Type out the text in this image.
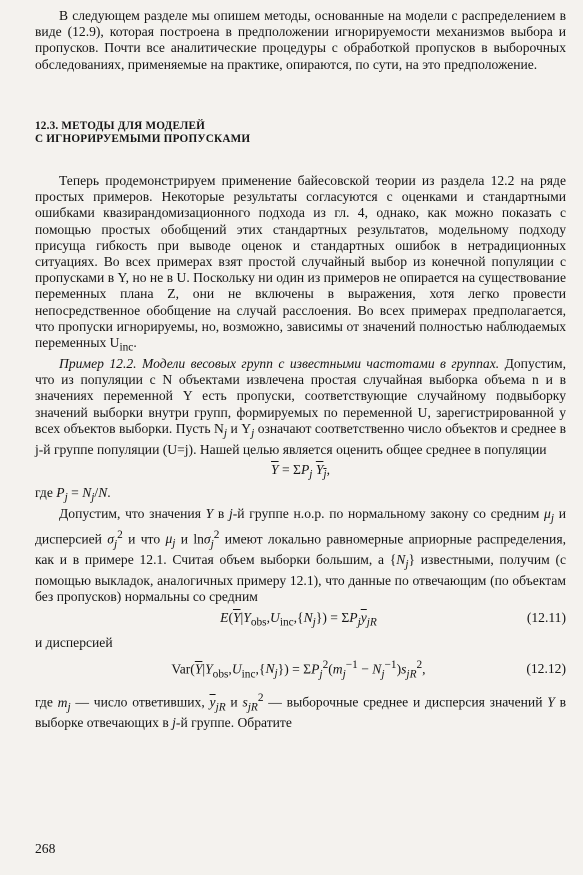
В следующем разделе мы опишем методы, основанные на модели с распределением в виде (12.9), которая построена в предположении игнорируемости механизмов выбора и пропусков. Почти все аналитические процедуры с обработкой пропусков в выборочных обследованиях, применяемые на практике, опираются, по сути, на это предположение.

12.3. МЕТОДЫ ДЛЯ МОДЕЛЕЙ
С ИГНОРИРУЕМЫМИ ПРОПУСКАМИ

Теперь продемонстрируем применение байесовской теории из раздела 12.2 на ряде простых примеров. Некоторые результаты согласуются с оценками и стандартными ошибками квазирандомизационного подхода из гл. 4, однако, как можно показать с помощью простых обобщений этих стандартных результатов, модельному подходу присуща гибкость при выводе оценок и стандартных ошибок в нетрадиционных ситуациях. Во всех примерах взят простой случайный выбор из конечной популяции с пропусками в Y, но не в U. Поскольку ни один из примеров не опирается на существование переменных плана Z, они не включены в выражения, хотя легко провести непосредственное обобщение на случай расслоения. Во всех примерах предполагается, что пропуски игнорируемы, но, возможно, зависимы от значений полностью наблюдаемых переменных $U_{inc}$.

Пример 12.2. Модели весовых групп с известными частотами в группах. Допустим, что из популяции с N объектами извлечена простая случайная выборка объема n и в значениях переменной Y есть пропуски, соответствующие случайному подвыборку значений выборки внутри групп, формируемых по переменной U, зарегистрированной у всех объектов выборки. Пусть $N_j$ и $Y_j$ означают соответственно число объектов и среднее в j-й группе популяции (U=j). Нашей целью является оценить общее среднее в популяции

$\overline{Y} = \Sigma P_j$ $Y_j$,

где $P_j = N_j/N$.

Допустим, что значения Y в j-й группе н.о.р. по нормальному закону со средним $\mu_j$ и дисперсией $\sigma_j^2$ и что $\mu_j$ и lnσ$_j^2$ имеют локально равномерные априорные распределения, как и в примере 12.1. Считая объем выборки большим, а $\{N_j\}$ известными, получим (с помощью выкладок, аналогичных примеру 12.1), что данные по отвечающим (по объектам без пропусков) нормальны со средним

$E(\overline{Y}|Y_{obs},U_{inc},\{N_j\}) = \Sigma P_j\overline{y}_{jR}$	(12.11)

и дисперсией

$Var(\overline{Y}|Y_{obs},U_{inc},\{N_j\}) = \Sigma P_j^2(m_j^{-1} - N_j^{-1})s_{jR}^2$,	(12.12)

где $m_j$ — число ответивших, $\overline{y}_{jR}$ и $s_{jR}^2$ — выборочные среднее и дисперсия значений Y в выборке отвечающих в j-й группе. Обратите

268
